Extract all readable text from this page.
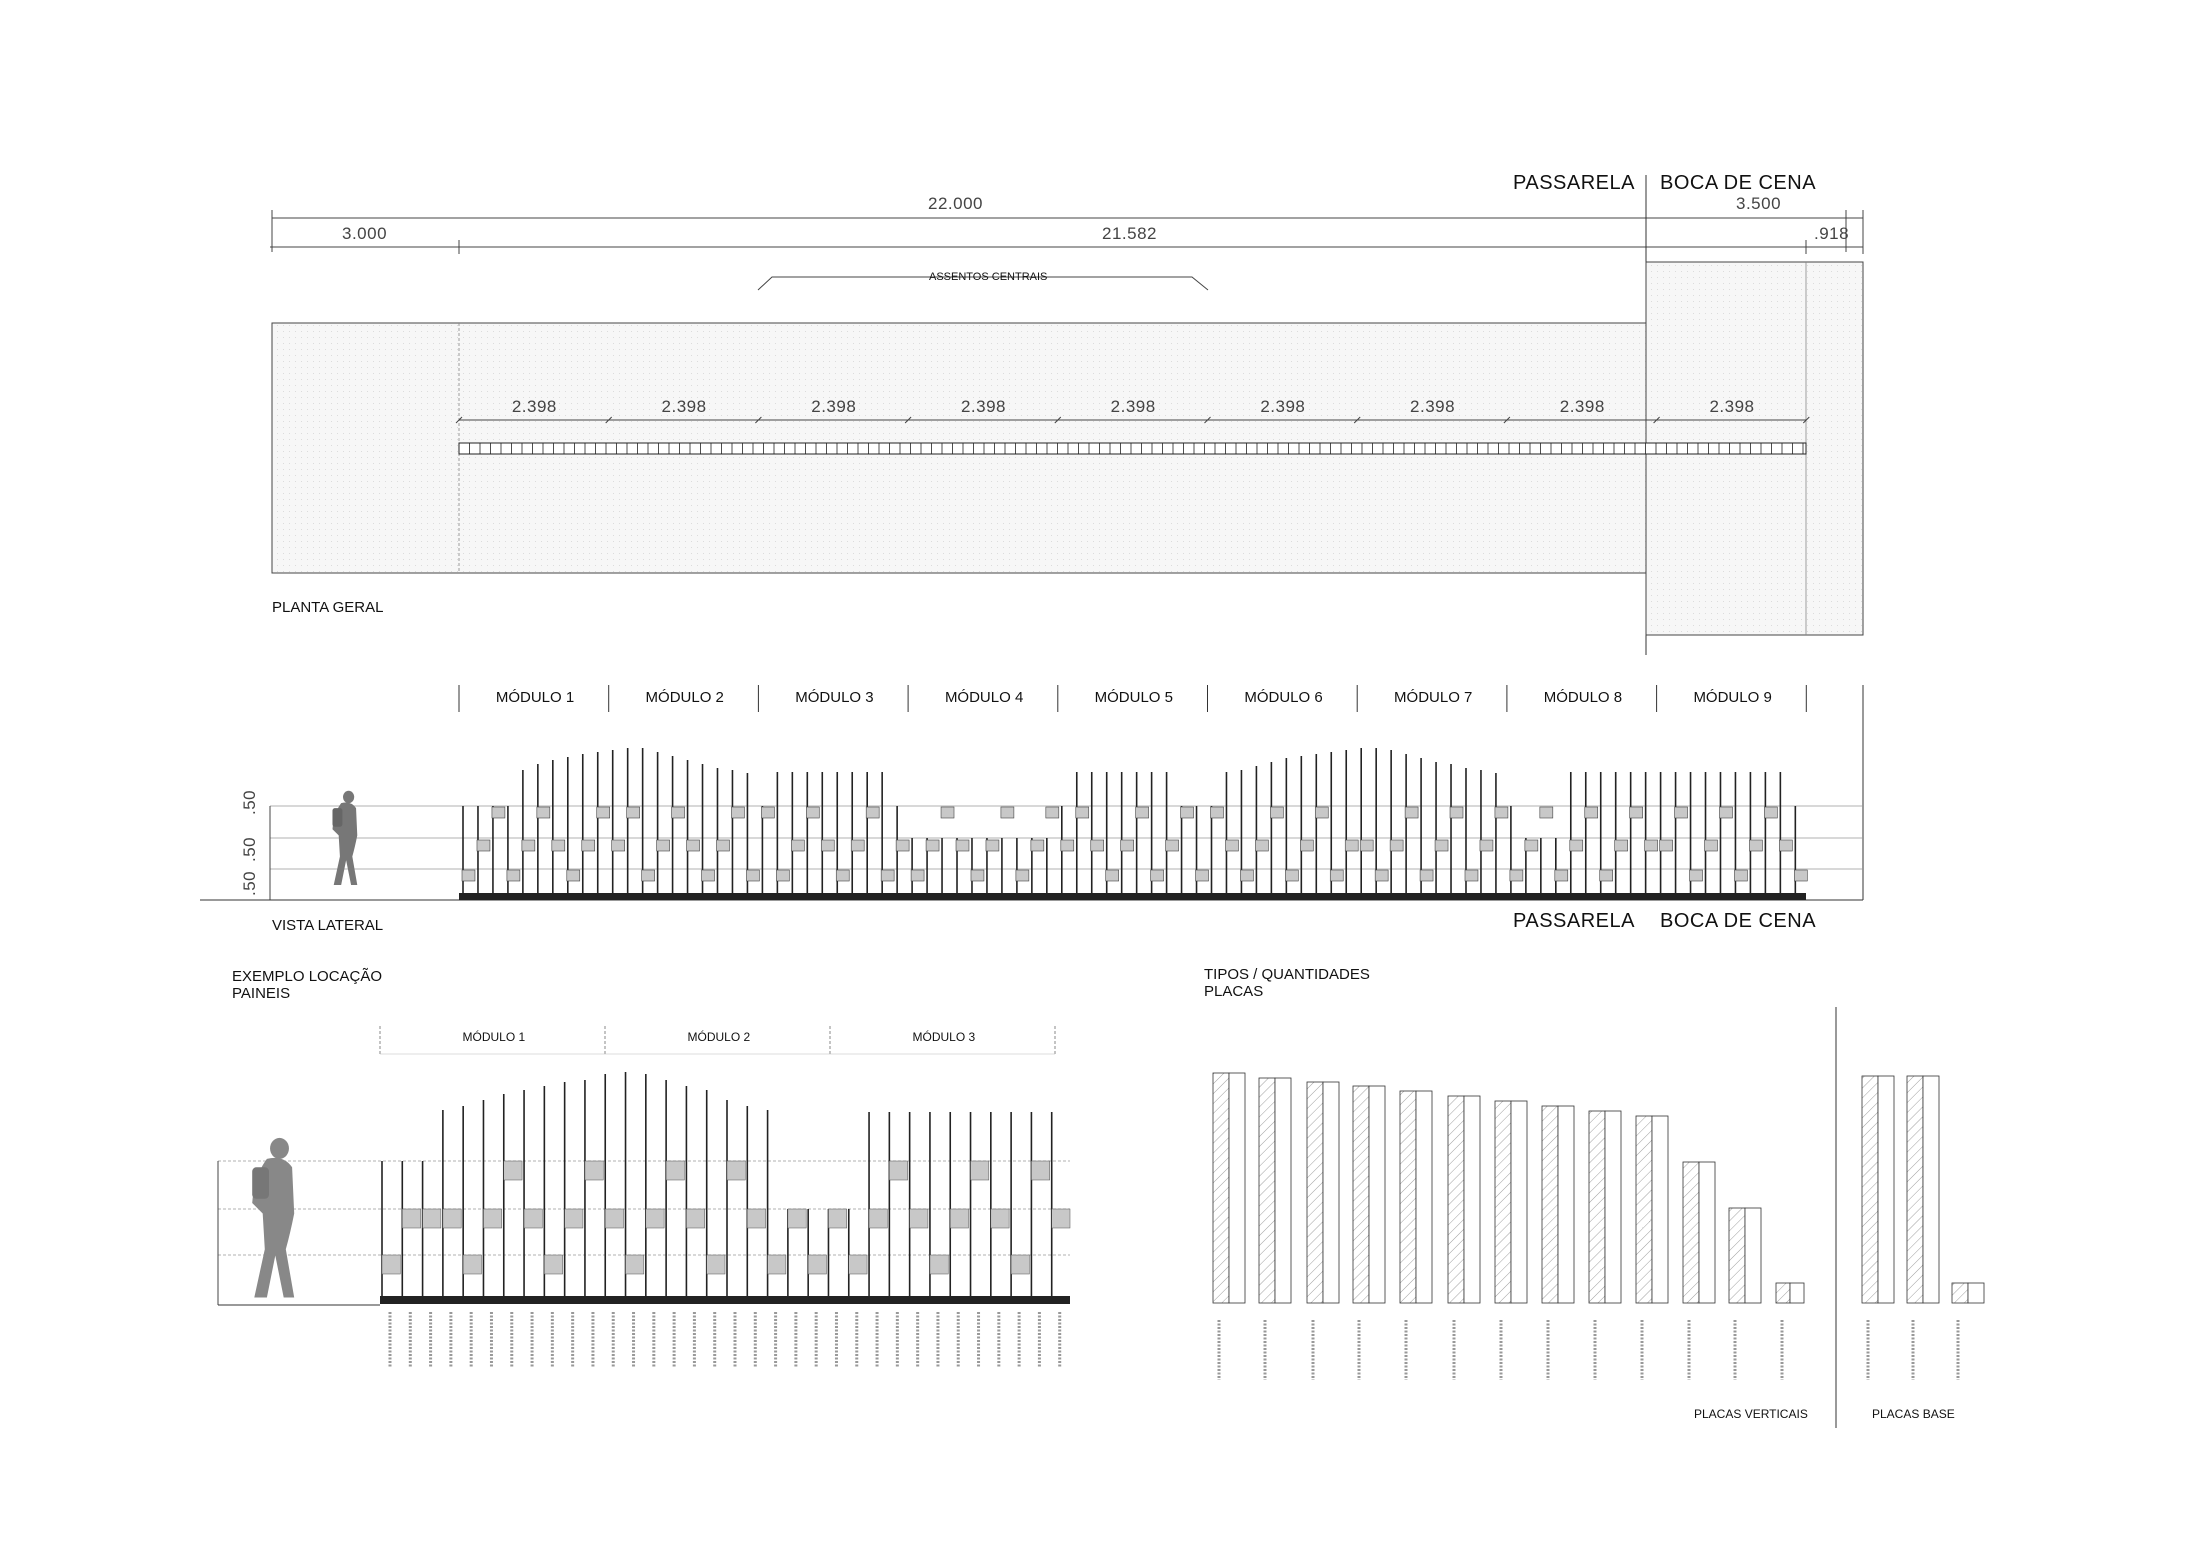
PASSARELA BOCA DE CENA
22.000	3.500
3.000	21.582	.918
ASSENTOS CENTRAIS
2.398	2.398	2.398	2.398	2.398	2.398	2.398	2.398	2.398
PLANTA GERAL
MÓDULO 1	MÓDULO 2	MÓDULO 3	MÓDULO 4	MÓDULO 5	MÓDULO 6	MÓDULO 7	MÓDULO 8	MÓDULO 9
.50
.50
.50
VISTA LATERAL	PASSARELA BOCA DE CENA
EXEMPLO LOCAÇÃO
PAINEIS
MÓDULO 1	MÓDULO 2	MÓDULO 3
TIPOS / QUANTIDADES
PLACAS
PLACAS VERTICAIS	PLACAS BASE
